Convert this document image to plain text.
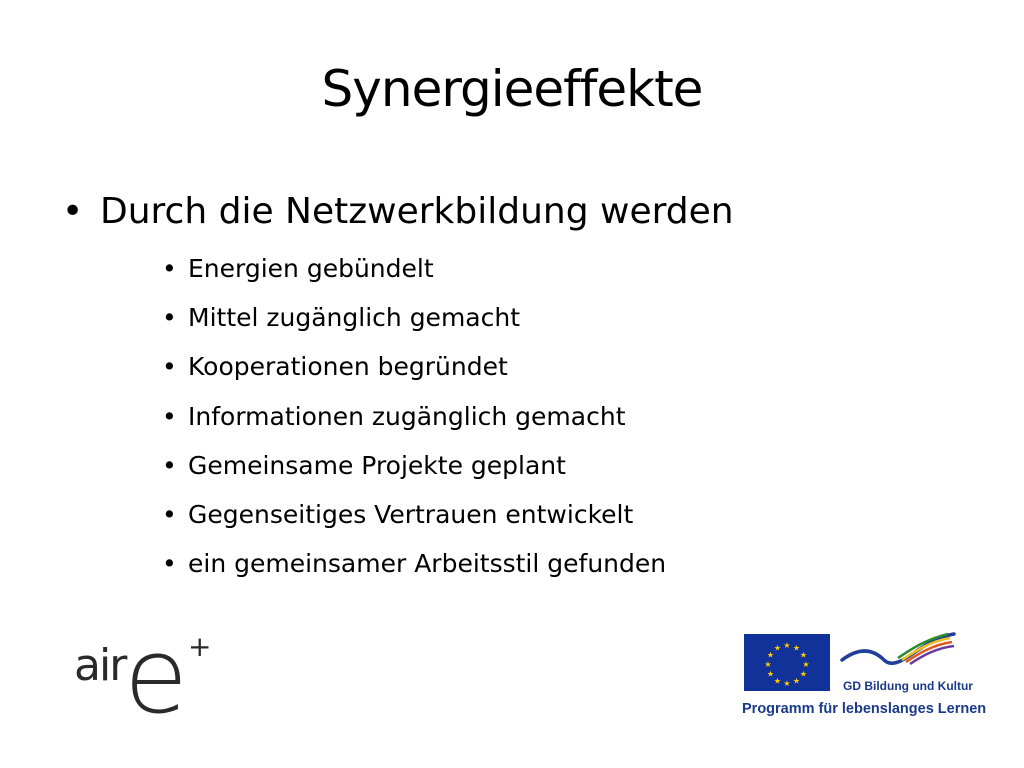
Synergieeffekte
• Durch die Netzwerkbildung werden
• Energien gebündelt
• Mittel zugänglich gemacht
• Kooperationen begründet
• Informationen zugänglich gemacht
• Gemeinsame Projekte geplant
• Gegenseitiges Vertrauen entwickelt
• ein gemeinsamer Arbeitsstil gefunden
air
e +	★ ★
★
★
★
★
★
★
★
★
★
★
GD Bildung und Kultur
Programm für lebenslanges Lernen
